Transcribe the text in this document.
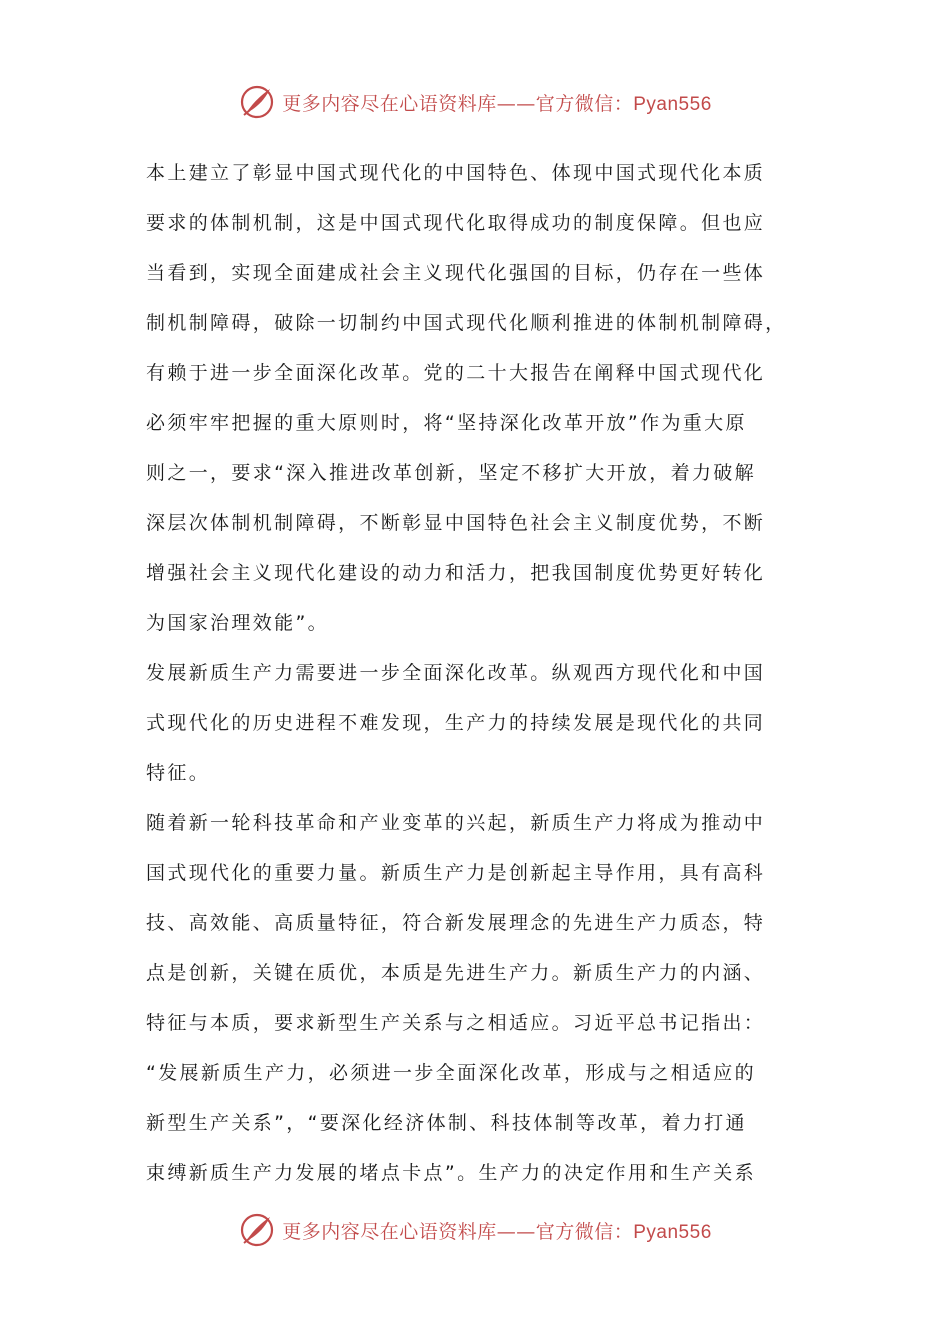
更多内容尽在心语资料库——官方微信：Pyan556
本上建立了彰显中国式现代化的中国特色、体现中国式现代化本质
要求的体制机制，这是中国式现代化取得成功的制度保障。但也应
当看到，实现全面建成社会主义现代化强国的目标，仍存在一些体
制机制障碍，破除一切制约中国式现代化顺利推进的体制机制障碍，
有赖于进一步全面深化改革。党的二十大报告在阐释中国式现代化
必须牢牢把握的重大原则时，将“坚持深化改革开放”作为重大原
则之一，要求“深入推进改革创新，坚定不移扩大开放，着力破解
深层次体制机制障碍，不断彰显中国特色社会主义制度优势，不断
增强社会主义现代化建设的动力和活力，把我国制度优势更好转化
为国家治理效能”。
发展新质生产力需要进一步全面深化改革。纵观西方现代化和中国
式现代化的历史进程不难发现，生产力的持续发展是现代化的共同
特征。
随着新一轮科技革命和产业变革的兴起，新质生产力将成为推动中
国式现代化的重要力量。新质生产力是创新起主导作用，具有高科
技、高效能、高质量特征，符合新发展理念的先进生产力质态，特
点是创新，关键在质优，本质是先进生产力。新质生产力的内涵、
特征与本质，要求新型生产关系与之相适应。习近平总书记指出：
“发展新质生产力，必须进一步全面深化改革，形成与之相适应的
新型生产关系”，“要深化经济体制、科技体制等改革，着力打通
束缚新质生产力发展的堵点卡点”。生产力的决定作用和生产关系
更多内容尽在心语资料库——官方微信：Pyan556
